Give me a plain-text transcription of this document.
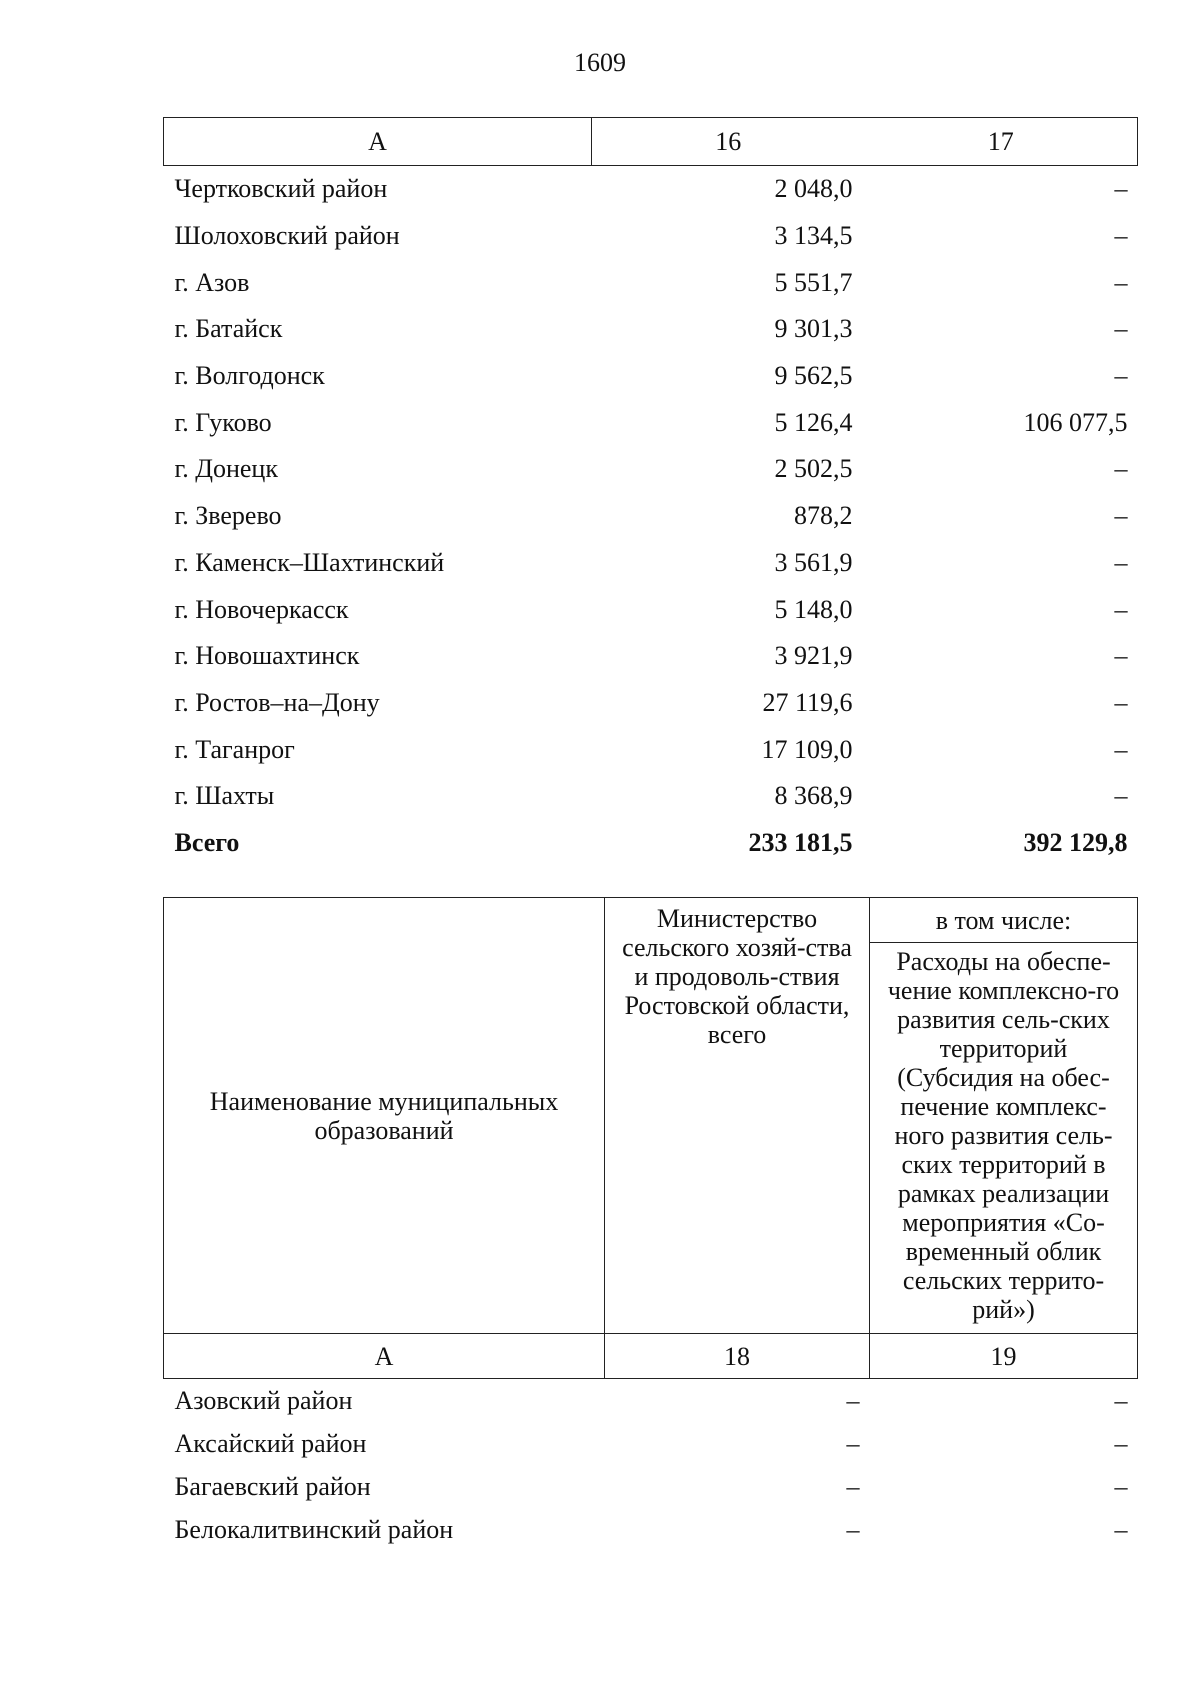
1609
А	16	17
Чертковский район	2 048,0	–
Шолоховский район	3 134,5	–
г. Азов	5 551,7	–
г. Батайск	9 301,3	–
г. Волгодонск	9 562,5	–
г. Гуково	5 126,4	106 077,5
г. Донецк	2 502,5	–
г. Зверево	878,2	–
г. Каменск–Шахтинский	3 561,9	–
г. Новочеркасск	5 148,0	–
г. Новошахтинск	3 921,9	–
г. Ростов–на–Дону	27 119,6	–
г. Таганрог	17 109,0	–
г. Шахты	8 368,9	–
Всего	233 181,5	392 129,8
Наименование муниципальных образований	Министерство сельского хозяй-ства и продоволь-ствия Ростовской области, всего	в том числе:
		Расходы на обеспе-чение комплексно-го развития сель-ских территорий (Субсидия на обес-печение комплекс-ного развития сель-ских территорий в рамках реализации мероприятия «Со-временный облик сельских террито-рий»)
А	18	19
Азовский район	–	–
Аксайский район	–	–
Багаевский район	–	–
Белокалитвинский район	–	–
